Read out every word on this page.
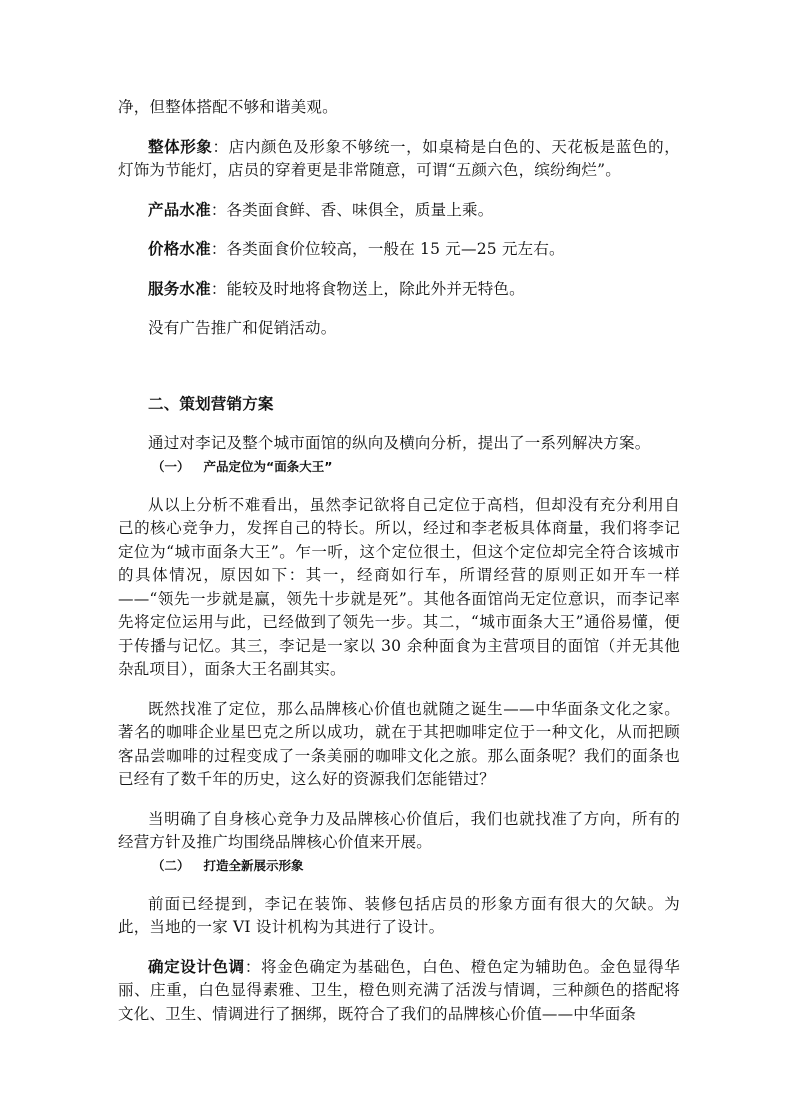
净，但整体搭配不够和谐美观。

整体形象：店内颜色及形象不够统一，如桌椅是白色的、天花板是蓝色的，灯饰为节能灯，店员的穿着更是非常随意，可谓“五颜六色，缤纷绚烂”。

产品水准：各类面食鲜、香、味俱全，质量上乘。

价格水准：各类面食价位较高，一般在 15 元—25 元左右。

服务水准：能较及时地将食物送上，除此外并无特色。

没有广告推广和促销活动。

二、策划营销方案

通过对李记及整个城市面馆的纵向及横向分析，提出了一系列解决方案。

（一） 产品定位为“面条大王”

从以上分析不难看出，虽然李记欲将自己定位于高档，但却没有充分利用自己的核心竞争力，发挥自己的特长。所以，经过和李老板具体商量，我们将李记定位为“城市面条大王”。乍一听，这个定位很土，但这个定位却完全符合该城市的具体情况，原因如下：其一，经商如行车，所谓经营的原则正如开车一样——“领先一步就是赢，领先十步就是死”。其他各面馆尚无定位意识，而李记率先将定位运用与此，已经做到了领先一步。其二，“城市面条大王”通俗易懂，便于传播与记忆。其三，李记是一家以 30 余种面食为主营项目的面馆（并无其他杂乱项目），面条大王名副其实。

既然找准了定位，那么品牌核心价值也就随之诞生——中华面条文化之家。著名的咖啡企业星巴克之所以成功，就在于其把咖啡定位于一种文化，从而把顾客品尝咖啡的过程变成了一条美丽的咖啡文化之旅。那么面条呢？我们的面条也已经有了数千年的历史，这么好的资源我们怎能错过？

当明确了自身核心竞争力及品牌核心价值后，我们也就找准了方向，所有的经营方针及推广均围绕品牌核心价值来开展。

（二） 打造全新展示形象

前面已经提到，李记在装饰、装修包括店员的形象方面有很大的欠缺。为此，当地的一家 VI 设计机构为其进行了设计。

确定设计色调：将金色确定为基础色，白色、橙色定为辅助色。金色显得华丽、庄重，白色显得素雅、卫生，橙色则充满了活泼与情调，三种颜色的搭配将文化、卫生、情调进行了捆绑，既符合了我们的品牌核心价值——中华面条
